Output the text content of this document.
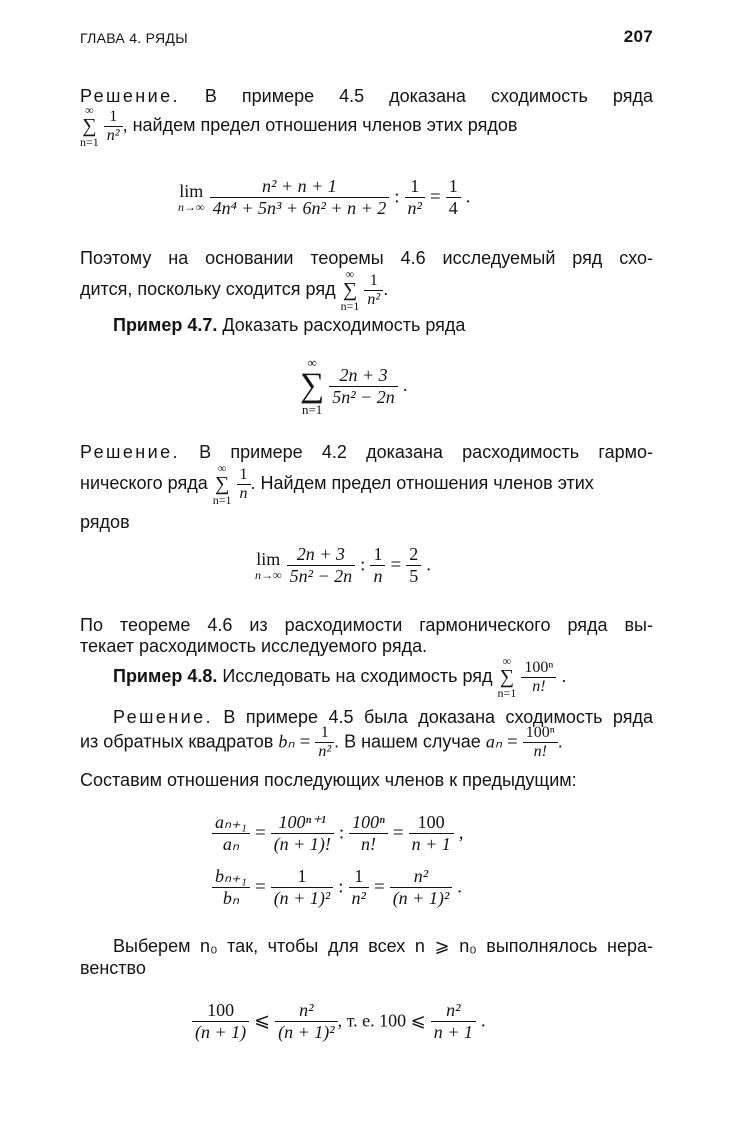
ГЛАВА 4. РЯДЫ	207
Решение. В примере 4.5 доказана сходимость ряда
∞
∑
n=1
$\frac{1}{\text{n²}}$ , найдем предел отношения членов этих рядов
lim
n→∞
$\frac{\text{n² + n + 1}}{\text{4n⁴ + 5n³ + 6n² + n + 2}}$ : $\frac{1}{\text{n²}} = \frac{1}{4}$ .
Поэтому на основании теоремы 4.6 исследуемый ряд схо-
дится, поскольку сходится ряд
∞
∑
n=1
$\frac{1}{\text{n²}}$ .
Пример 4.7. Доказать расходимость ряда
∞
∑
n=1

$\frac{2n + 3}{\text{5n² − 2n}}$ .
Решение. В примере 4.2 доказана расходимость гармо-
нического ряда
∞
∑
n=1
$\frac{1}{n}$ . Найдем предел отношения членов этих
рядов
lim
n→∞
$\frac{2n + 3}{\text{5n² − 2n}}$ : $\frac{1}{n} = \frac{2}{5}$ .
По теореме 4.6 из расходимости гармонического ряда вы-
текает расходимость исследуемого ряда.
Пример 4.8. Исследовать на сходимость ряд
∞
∑
n=1
$\frac{\text{100ⁿ}}{n!}$ .
Решение. В примере 4.5 была доказана сходимость ряда
из обратных квадратов $b_n = \frac{1}{\text{n²}}$ . В нашем случае $a_n = \frac{\text{100ⁿ}}{n!}$ .
Составим отношения последующих членов к предыдущим:
$\frac{\text{aₙ₊₁}}{\text{aₙ}} = \frac{\text{100ⁿ⁺¹}}{(n + 1)!}$ : $\frac{\text{100ⁿ}}{n!} = \frac{100}{n + 1}$ ,
$\frac{\text{bₙ₊₁}}{\text{bₙ}} = \frac{1}{\text{(n + 1)²}}$ : $\frac{1}{\text{n²}} = \frac{\text{n²}}{\text{(n + 1)²}}$ .
Выберем n₀ так, чтобы для всех n ⩾ n₀ выполнялось нера-
венство
$\frac{100}{(n + 1)}$ ⩽ $\frac{\text{n²}}{\text{(n + 1)²}}$ , т. е. 100 ⩽ $\frac{\text{n²}}{n + 1}$ .
